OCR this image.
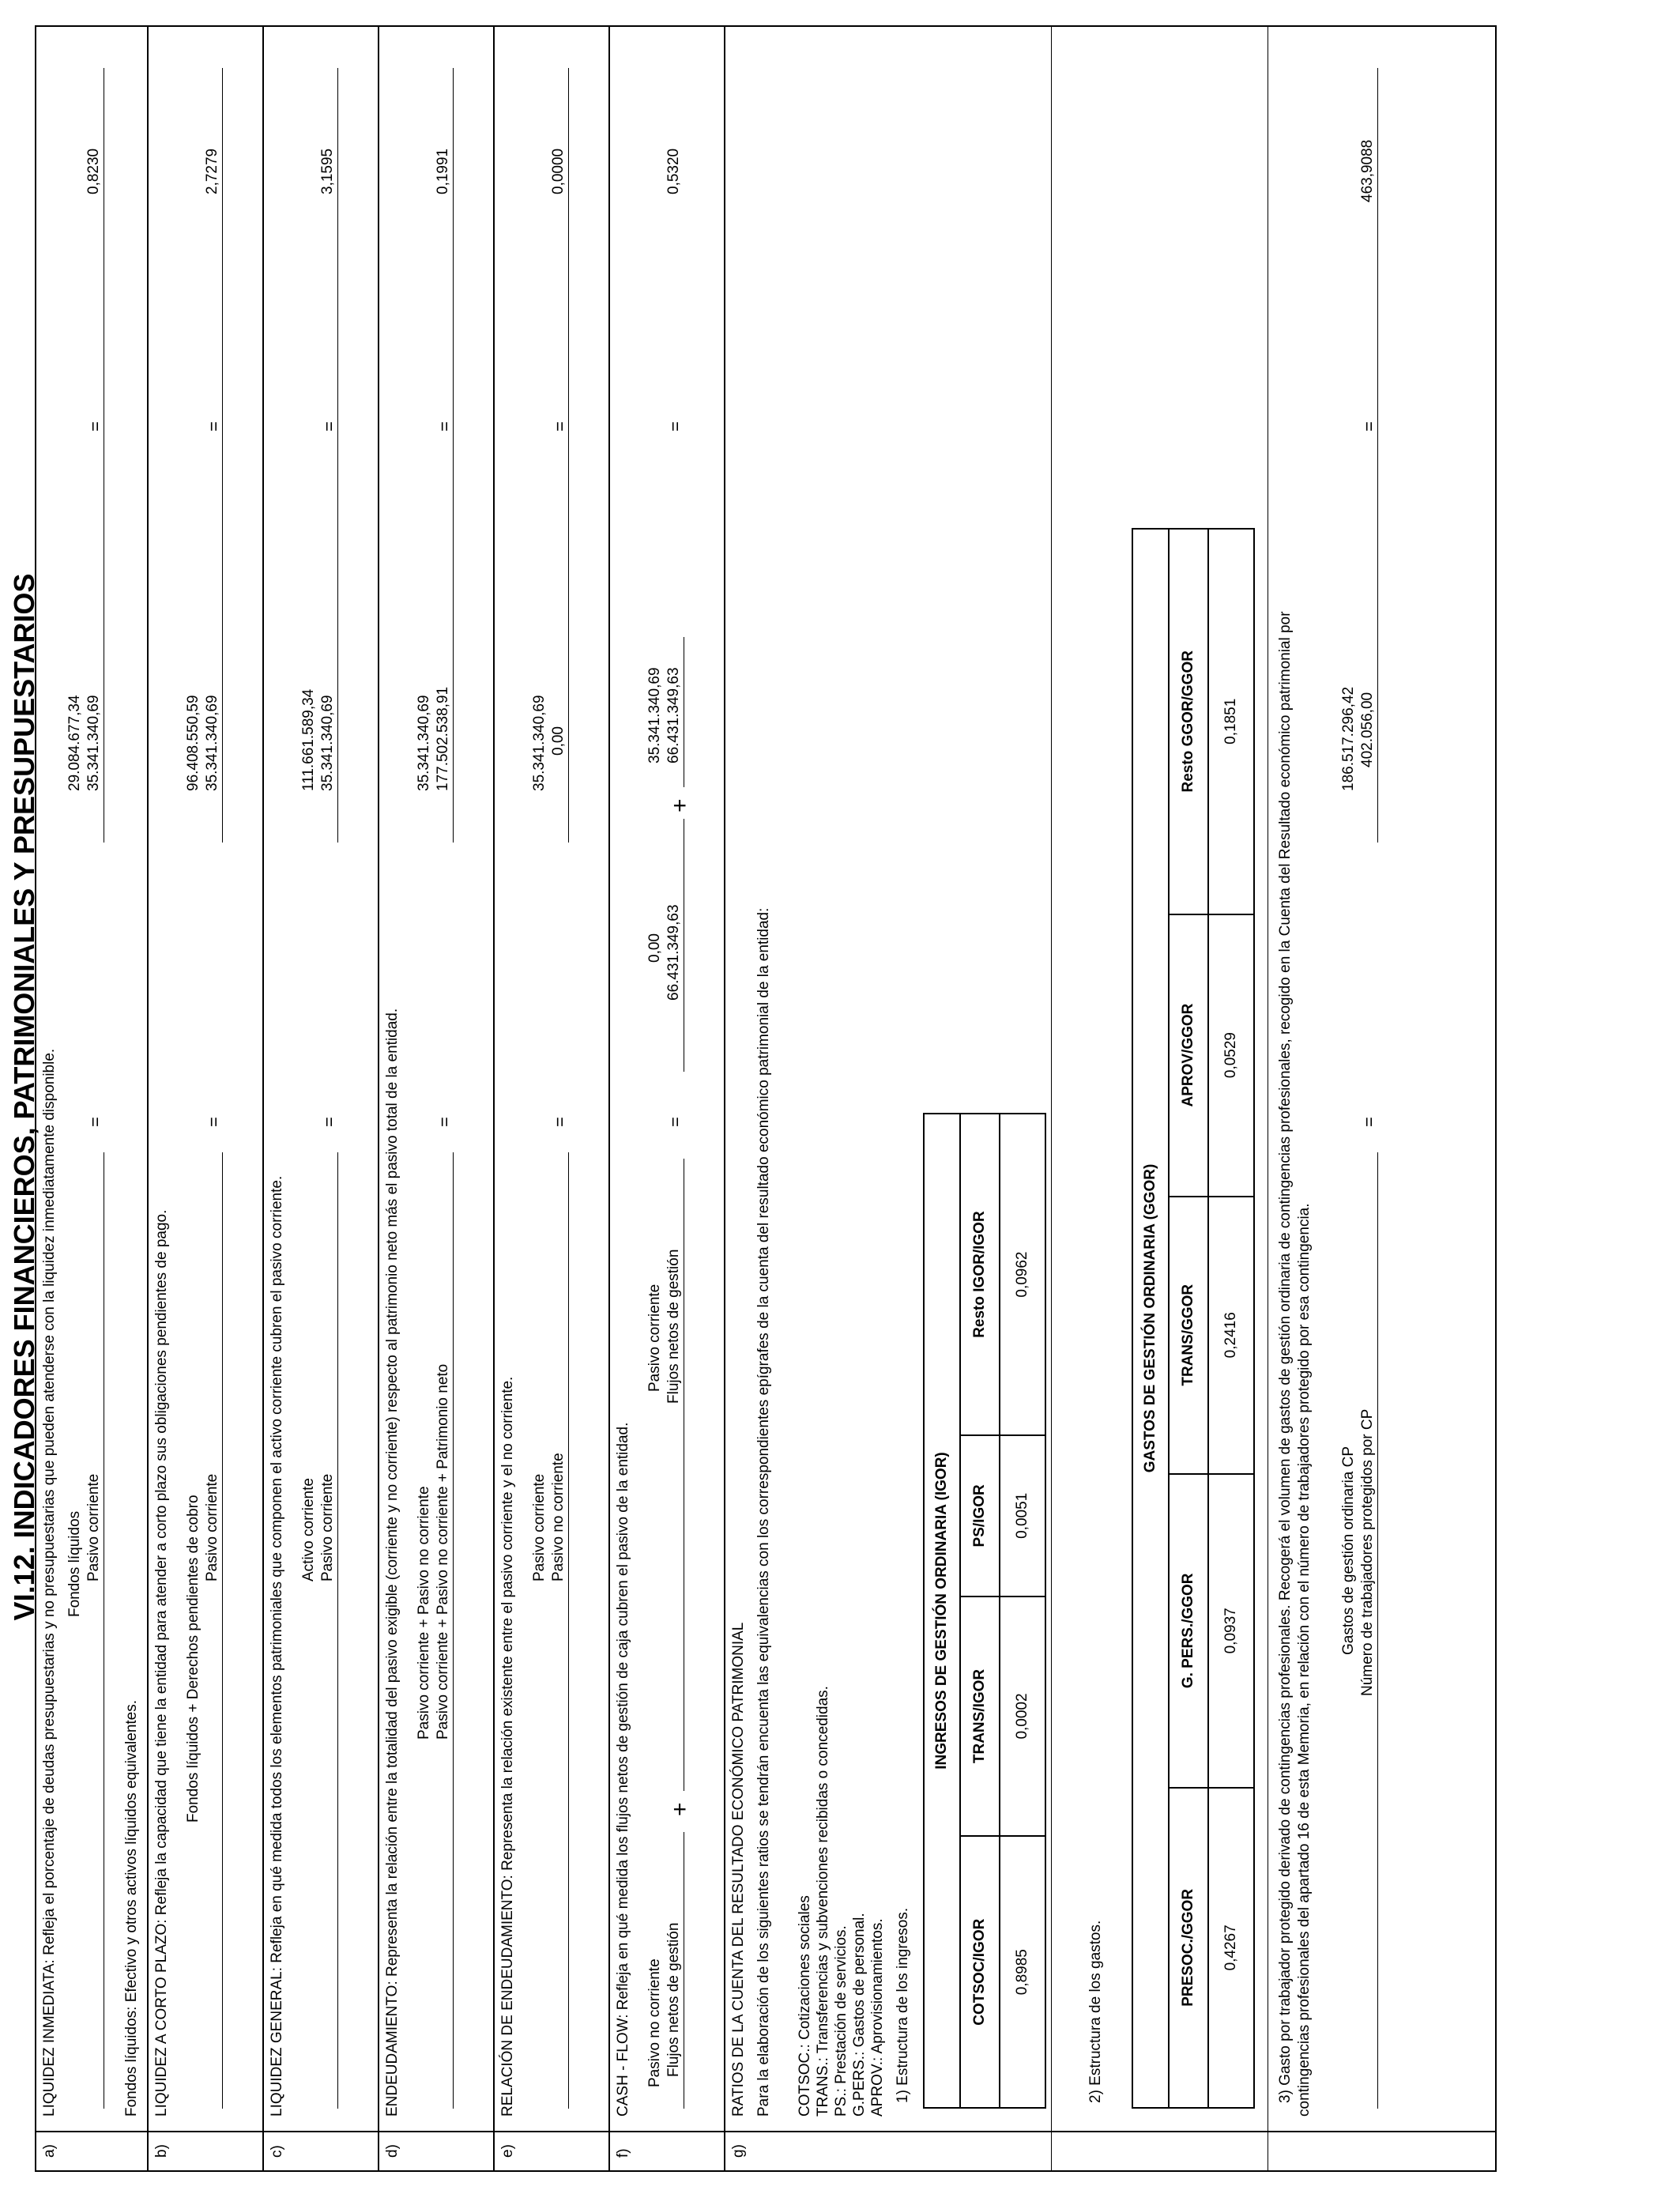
VI.12. INDICADORES FINANCIEROS, PATRIMONIALES Y PRESUPUESTARIOS
a)
LIQUIDEZ INMEDIATA: Refleja el porcentaje de deudas presupuestarias y no presupuestarias que pueden atenderse con la liquidez inmediatamente disponible. Fondos líquidos Pasivo corriente
=
29.084.677,34 35.341.340,69
=
0,8230
Fondos líquidos: Efectivo y otros activos líquidos equivalentes.
b)
LIQUIDEZ A CORTO PLAZO: Refleja la capacidad que tiene la entidad para atender a corto plazo sus obligaciones pendientes de pago. Fondos líquidos + Derechos pendientes de cobro Pasivo corriente
=
96.408.550,59 35.341.340,69
=
2,7279
c)
LIQUIDEZ GENERAL: Refleja en qué medida todos los elementos patrimoniales que componen el activo corriente cubren el pasivo corriente. Activo corriente Pasivo corriente
=
111.661.589,34 35.341.340,69
=
3,1595
d)
ENDEUDAMIENTO: Representa la relación entre la totalidad del pasivo exigible (corriente y no corriente) respecto al patrimonio neto más el pasivo total de la entidad. Pasivo corriente + Pasivo no corriente Pasivo corriente + Pasivo no corriente + Patrimonio neto
=
35.341.340,69 177.502.538,91
=
0,1991
e)
RELACIÓN DE ENDEUDAMIENTO: Representa la relación existente entre el pasivo corriente y el no corriente. Pasivo corriente Pasivo no corriente
=
35.341.340,69 0,00
=
0,0000
f)
CASH - FLOW: Refleja en qué medida los flujos netos de gestión de caja cubren el pasivo de la entidad. Pasivo no corriente Flujos netos de gestión
+
Pasivo corriente Flujos netos de gestión
=
0,00 66.431.349,63
+
35.341.340,69 66.431.349,63
=
0,5320
g)
RATIOS DE LA CUENTA DEL RESULTADO ECONÓMICO PATRIMONIAL Para la elaboración de los siguientes ratios se tendrán encuenta las equivalencias con los correspondientes epígrafes de la cuenta del resultado económico patrimonial de la entidad: COTSOC.: Cotizaciones sociales TRANS.: Transferencias y subvenciones recibidas o concedidas. PS.: Prestación de servicios. G.PERS.: Gastos de personal. APROV.: Aprovisionamientos. 1) Estructura de los ingresos.
INGRESOS DE GESTIÓN ORDINARIA (IGOR)			
COTSOC/IGOR	TRANS/IGOR	PS/IGOR	Resto IGOR/IGOR
0,8985	0,0002	0,0051	0,0962
2) Estructura de los gastos.
GASTOS DE GESTIÓN ORDINARIA (GGOR)				
PRESOC./GGOR	G. PERS./GGOR	TRANS/GGOR	APROV/GGOR	Resto GGOR/GGOR
0,4267	0,0937	0,2416	0,0529	0,1851	3) Gasto por trabajador protegido derivado de contingencias profesionales. Recogerá el volumen de gastos de gestión ordinaria de contingencias profesionales, recogido en la Cuenta del Resultado económico patrimonial por contingencias profesionales del apartado 16 de esta Memoria, en relación con el número de trabajadores protegido por esa contingencia. Gastos de gestión ordinaria CP Número de trabajadores protegidos por CP
=
186.517.296,42 402.056,00
=
463,9088
